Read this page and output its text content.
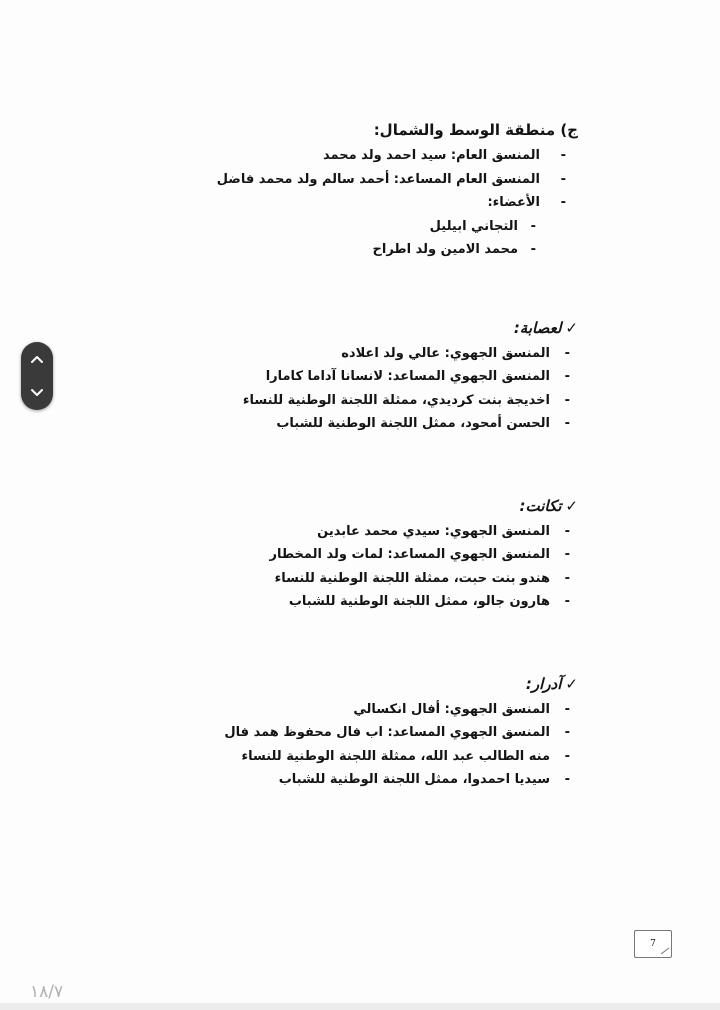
ج) منطقة الوسط والشمال:
- المنسق العام: سيد احمد ولد محمد
- المنسق العام المساعد: أحمد سالم ولد محمد فاضل
- الأعضاء:
- التجاني ابيليل
- محمد الامين ولد اطراح
✓لعصابة:
- المنسق الجهوي: عالي ولد اعلاده
- المنسق الجهوي المساعد: لانسانا آداما كامارا
- اخديجة بنت كرديدي، ممثلة اللجنة الوطنية للنساء
- الحسن أمحود، ممثل اللجنة الوطنية للشباب
✓تكانت:
- المنسق الجهوي: سيدي محمد عابدين
- المنسق الجهوي المساعد: لمات ولد المخطار
- هندو بنت حبت، ممثلة اللجنة الوطنية للنساء
- هارون جالو، ممثل اللجنة الوطنية للشباب
✓آدرار:
- المنسق الجهوي: أفال انكسالي
- المنسق الجهوي المساعد: اب فال محفوظ همد فال
- منه الطالب عبد الله، ممثلة اللجنة الوطنية للنساء
- سيديا احمدوا، ممثل اللجنة الوطنية للشباب
7
١٨/٧
